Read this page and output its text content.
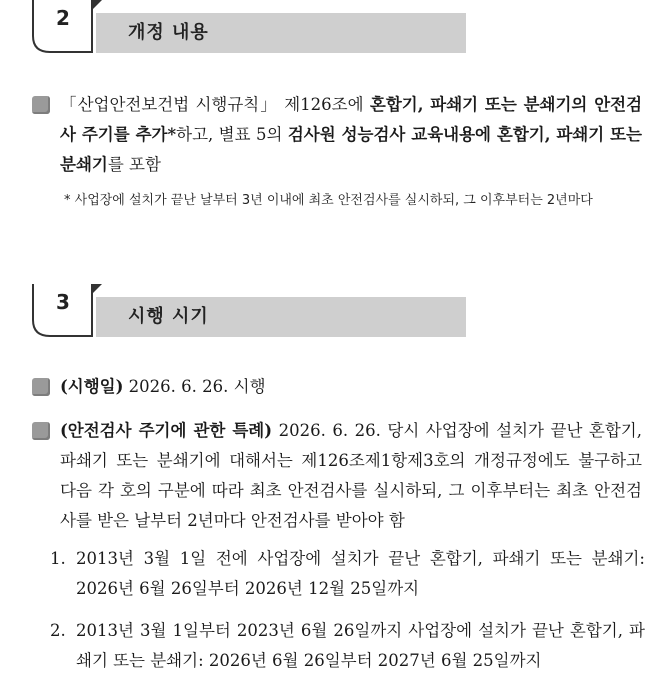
2
개정 내용
「산업안전보건법 시행규칙」 제126조에 혼합기, 파쇄기 또는 분쇄기의 안전검사 주기를 추가*하고, 별표 5의 검사원 성능검사 교육내용에 혼합기, 파쇄기 또는 분쇄기를 포함
* 사업장에 설치가 끝난 날부터 3년 이내에 최초 안전검사를 실시하되, 그 이후부터는 2년마다
3
시행 시기
(시행일) 2026. 6. 26. 시행
(안전검사 주기에 관한 특례) 2026. 6. 26. 당시 사업장에 설치가 끝난 혼합기, 파쇄기 또는 분쇄기에 대해서는 제126조제1항제3호의 개정규정에도 불구하고 다음 각 호의 구분에 따라 최초 안전검사를 실시하되, 그 이후부터는 최초 안전검사를 받은 날부터 2년마다 안전검사를 받아야 함
1. 2013년 3월 1일 전에 사업장에 설치가 끝난 혼합기, 파쇄기 또는 분쇄기: 2026년 6월 26일부터 2026년 12월 25일까지
2. 2013년 3월 1일부터 2023년 6월 26일까지 사업장에 설치가 끝난 혼합기, 파쇄기 또는 분쇄기: 2026년 6월 26일부터 2027년 6월 25일까지
